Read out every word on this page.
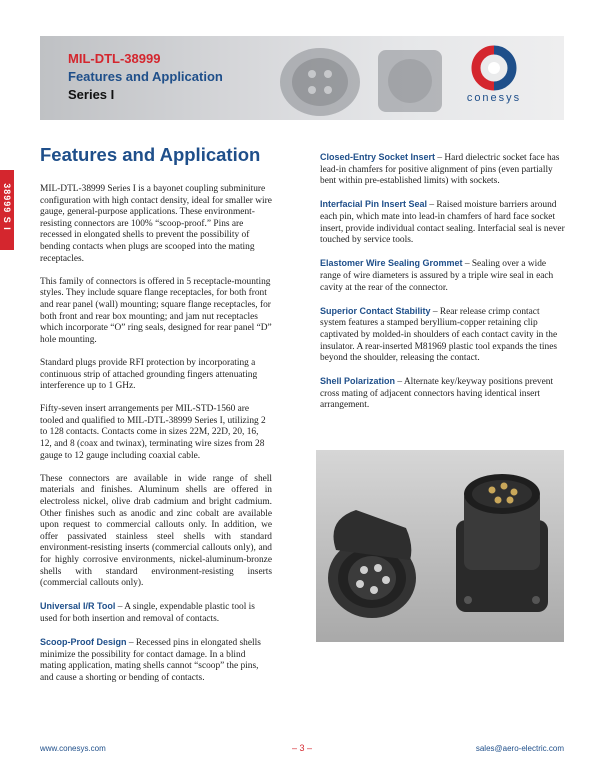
MIL-DTL-38999
Features and Application
Series I	conesys
38999 S I
Features and Application

MIL-DTL-38999 Series I is a bayonet coupling subminiture configuration with high contact density, ideal for smaller wire gauge, general-purpose applications. These environment-resisting connectors are 100% “scoop-proof.” Pins are recessed in elongated shells to prevent the possibility of bending contacts when plugs are scooped into the mating receptacles.

This family of connectors is offered in 5 receptacle-mounting styles. They include square flange receptacles, for both front and rear panel (wall) mounting; square flange receptacles, for both front and rear box mounting; and jam nut receptacles which incorporate “O” ring seals, designed for rear panel “D” hole mounting.

Standard plugs provide RFI protection by incorporating a continuous strip of attached grounding fingers attenuating interference up to 1 GHz.

Fifty-seven insert arrangements per MIL-STD-1560 are tooled and qualified to MIL-DTL-38999 Series I, utilizing 2 to 128 contacts. Contacts come in sizes 22M, 22D, 20, 16, 12, and 8 (coax and twinax), terminating wire sizes from 28 gauge to 12 gauge including coaxial cable.

These connectors are available in wide range of shell materials and finishes. Aluminum shells are offered in electroless nickel, olive drab cadmium and bright cadmium. Other finishes such as anodic and zinc cobalt are available upon request to commercial callouts only. In addition, we offer passivated stainless steel shells with standard environment-resisting inserts (commercial callouts only), and for highly corrosive environments, nickel-aluminum-bronze shells with standard environment-resisting inserts (commercial callouts only).

Universal I/R Tool – A single, expendable plastic tool is used for both insertion and removal of contacts.

Scoop-Proof Design – Recessed pins in elongated shells minimize the possibility for contact damage. In a blind mating application, mating shells cannot “scoop” the pins, and cause a shorting or bending of contacts.

Closed-Entry Socket Insert – Hard dielectric socket face has lead-in chamfers for positive alignment of pins (even partially bent within pre-established limits) with sockets.

Interfacial Pin Insert Seal – Raised moisture barriers around each pin, which mate into lead-in chamfers of hard face socket insert, provide individual contact sealing. Interfacial seal is never touched by service tools.

Elastomer Wire Sealing Grommet – Sealing over a wide range of wire diameters is assured by a triple wire seal in each cavity at the rear of the connector.

Superior Contact Stability – Rear release crimp contact system features a stamped beryllium-copper retaining clip captivated by molded-in shoulders of each contact cavity in the insulator. A rear-inserted M81969 plastic tool expands the tines beyond the shoulder, releasing the contact.

Shell Polarization – Alternate key/keyway positions prevent cross mating of adjacent connectors having identical insert arrangement.

www.conesys.com	– 3 –	sales@aero-electric.com
